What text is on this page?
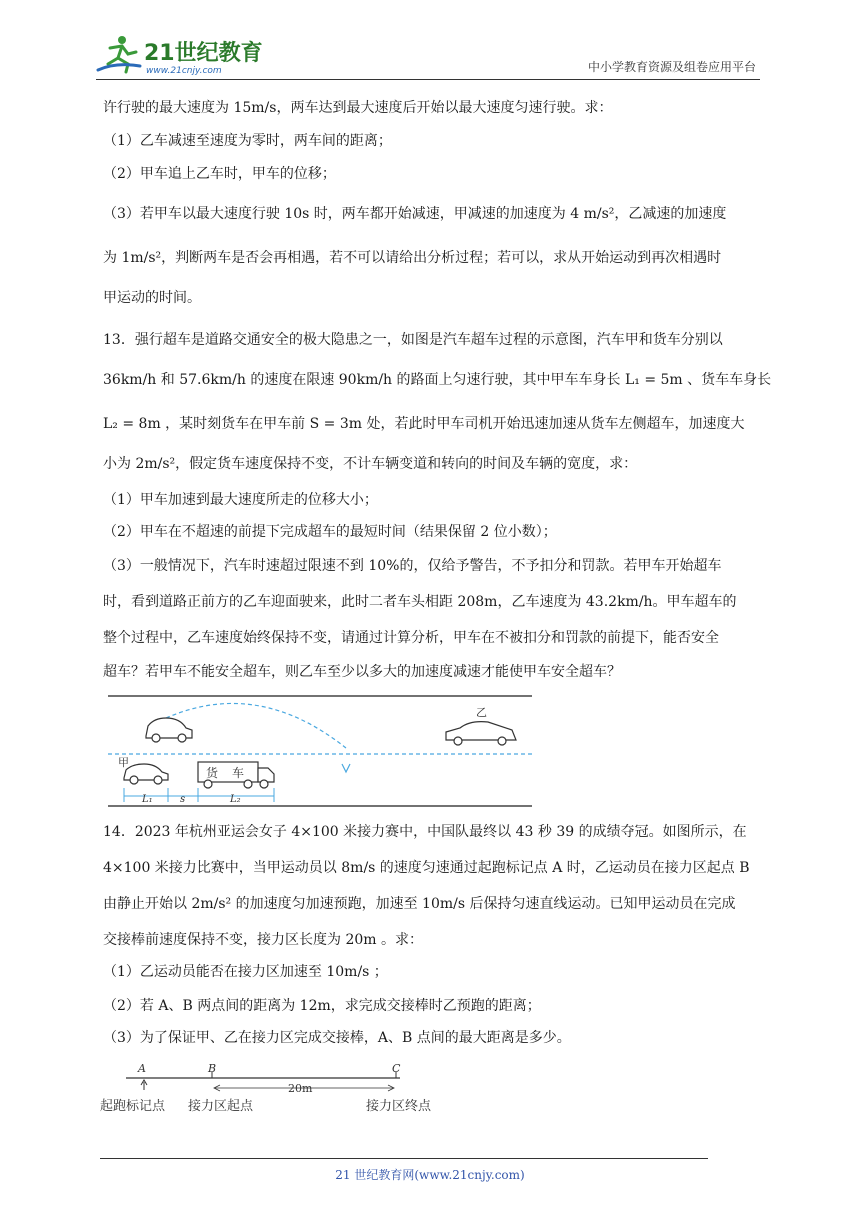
21世纪教育
www.21cnjy.com	中小学教育资源及组卷应用平台
许行驶的最大速度为 15m/s，两车达到最大速度后开始以最大速度匀速行驶。求：
（1）乙车减速至速度为零时，两车间的距离；
（2）甲车追上乙车时，甲车的位移；
（3）若甲车以最大速度行驶 10s 时，两车都开始减速，甲减速的加速度为 4 m/s²，乙减速的加速度
为 1m/s²，判断两车是否会再相遇，若不可以请给出分析过程；若可以，求从开始运动到再次相遇时
甲运动的时间。
13．强行超车是道路交通安全的极大隐患之一，如图是汽车超车过程的示意图，汽车甲和货车分别以
36km/h 和 57.6km/h 的速度在限速 90km/h 的路面上匀速行驶，其中甲车车身长 L₁ = 5m 、货车车身长
L₂ = 8m ，某时刻货车在甲车前 S = 3m 处，若此时甲车司机开始迅速加速从货车左侧超车，加速度大
小为 2m/s²，假定货车速度保持不变，不计车辆变道和转向的时间及车辆的宽度，求：
（1）甲车加速到最大速度所走的位移大小；
（2）甲车在不超速的前提下完成超车的最短时间（结果保留 2 位小数）；
（3）一般情况下，汽车时速超过限速不到 10%的，仅给予警告，不予扣分和罚款。若甲车开始超车
时，看到道路正前方的乙车迎面驶来，此时二者车头相距 208m，乙车速度为 43.2km/h。甲车超车的
整个过程中，乙车速度始终保持不变，请通过计算分析，甲车在不被扣分和罚款的前提下，能否安全
超车？若甲车不能安全超车，则乙车至少以多大的加速度减速才能使甲车安全超车？
14．2023 年杭州亚运会女子 4×100 米接力赛中，中国队最终以 43 秒 39 的成绩夺冠。如图所示，在
4×100 米接力比赛中，当甲运动员以 8m/s 的速度匀速通过起跑标记点 A 时，乙运动员在接力区起点 B
由静止开始以 2m/s² 的加速度匀加速预跑，加速至 10m/s 后保持匀速直线运动。已知甲运动员在完成
交接棒前速度保持不变，接力区长度为 20m 。求：
（1）乙运动员能否在接力区加速至 10m/s ；
（2）若 A、B 两点间的距离为 12m，求完成交接棒时乙预跑的距离；
（3）为了保证甲、乙在接力区完成交接棒，A、B 点间的最大距离是多少。
乙
甲
货 车
L₁	s	L₂
A	B	C
20m
起跑标记点 接力区起点	接力区终点
21 世纪教育网(www.21cnjy.com)
